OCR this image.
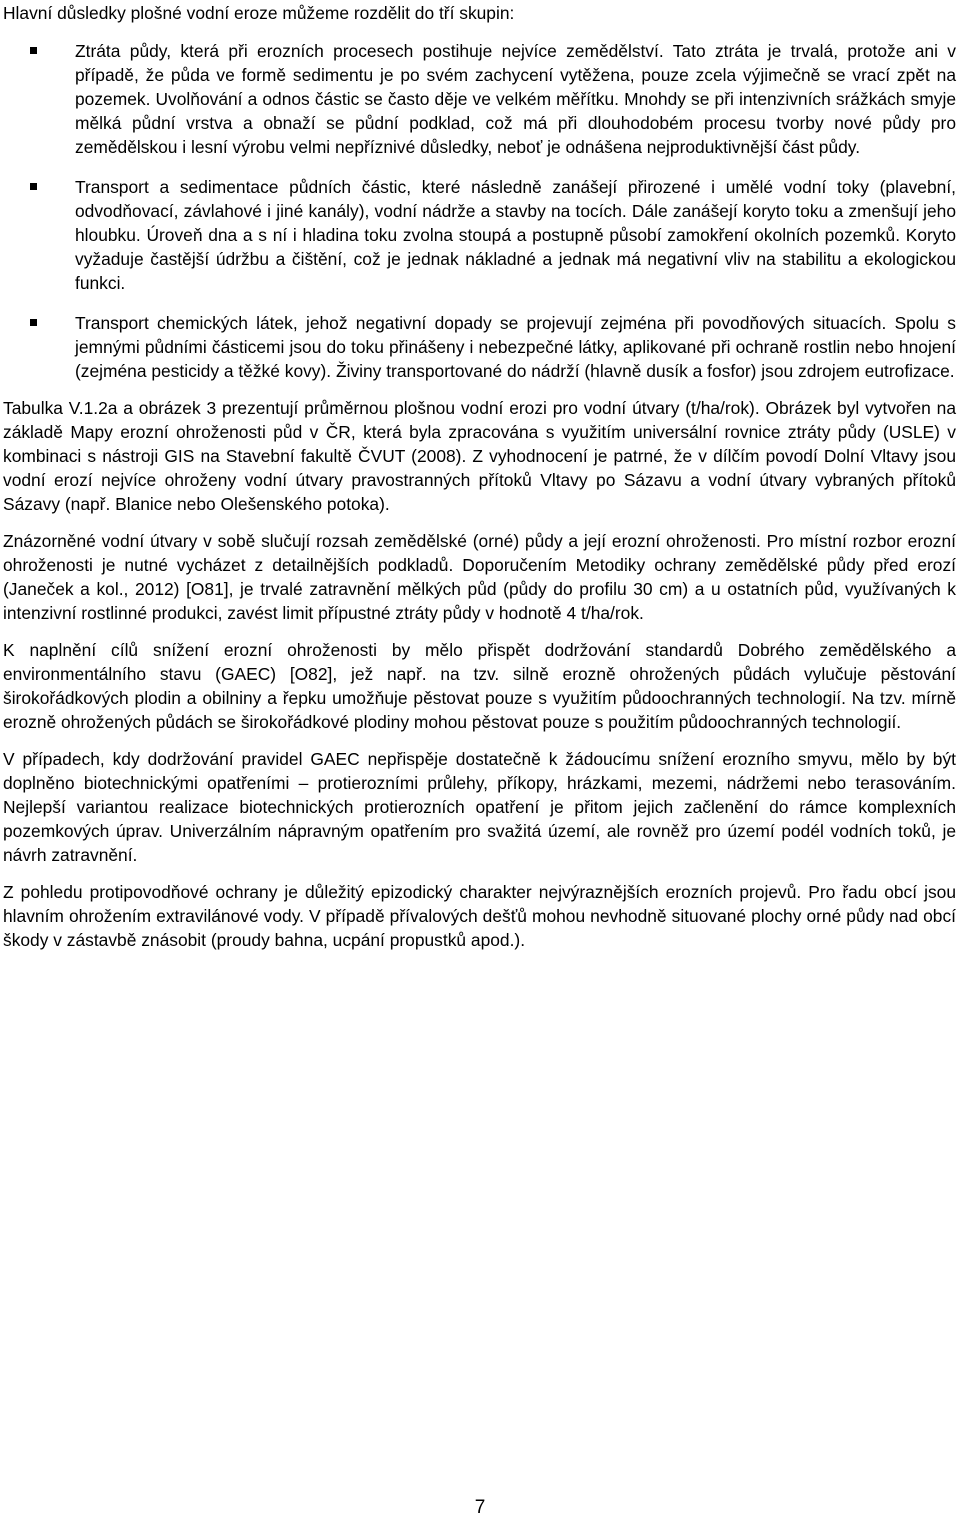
Hlavní důsledky plošné vodní eroze můžeme rozdělit do tří skupin:

Ztráta půdy, která při erozních procesech postihuje nejvíce zemědělství. Tato ztráta je trvalá, protože ani v případě, že půda ve formě sedimentu je po svém zachycení vytěžena, pouze zcela výjimečně se vrací zpět na pozemek. Uvolňování a odnos částic se často děje ve velkém měřítku. Mnohdy se při intenzivních srážkách smyje mělká půdní vrstva a obnaží se půdní podklad, což má při dlouhodobém procesu tvorby nové půdy pro zemědělskou i lesní výrobu velmi nepříznivé důsledky, neboť je odnášena nejproduktivnější část půdy.
Transport a sedimentace půdních částic, které následně zanášejí přirozené i umělé vodní toky (plavební, odvodňovací, závlahové i jiné kanály), vodní nádrže a stavby na tocích. Dále zanášejí koryto toku a zmenšují jeho hloubku. Úroveň dna a s ní i hladina toku zvolna stoupá a postupně působí zamokření okolních pozemků. Koryto vyžaduje častější údržbu a čištění, což je jednak nákladné a jednak má negativní vliv na stabilitu a ekologickou funkci.
Transport chemických látek, jehož negativní dopady se projevují zejména při povodňových situacích. Spolu s jemnými půdními částicemi jsou do toku přinášeny i nebezpečné látky, aplikované při ochraně rostlin nebo hnojení (zejména pesticidy a těžké kovy). Živiny transportované do nádrží (hlavně dusík a fosfor) jsou zdrojem eutrofizace.

Tabulka V.1.2a a obrázek 3 prezentují průměrnou plošnou vodní erozi pro vodní útvary (t/ha/rok). Obrázek byl vytvořen na základě Mapy erozní ohroženosti půd v ČR, která byla zpracována s využitím universální rovnice ztráty půdy (USLE) v kombinaci s nástroji GIS na Stavební fakultě ČVUT (2008). Z vyhodnocení je patrné, že v dílčím povodí Dolní Vltavy jsou vodní erozí nejvíce ohroženy vodní útvary pravostranných přítoků Vltavy po Sázavu a vodní útvary vybraných přítoků Sázavy (např. Blanice nebo Olešenského potoka).

Znázorněné vodní útvary v sobě slučují rozsah zemědělské (orné) půdy a její erozní ohroženosti. Pro místní rozbor erozní ohroženosti je nutné vycházet z detailnějších podkladů. Doporučením Metodiky ochrany zemědělské půdy před erozí (Janeček a kol., 2012) [O81], je trvalé zatravnění mělkých půd (půdy do profilu 30 cm) a u ostatních půd, využívaných k intenzivní rostlinné produkci, zavést limit přípustné ztráty půdy v hodnotě 4 t/ha/rok.

K naplnění cílů snížení erozní ohroženosti by mělo přispět dodržování standardů Dobrého zemědělského a environmentálního stavu (GAEC) [O82], jež např. na tzv. silně erozně ohrožených půdách vylučuje pěstování širokořádkových plodin a obilniny a řepku umožňuje pěstovat pouze s využitím půdoochranných technologií. Na tzv. mírně erozně ohrožených půdách se širokořádkové plodiny mohou pěstovat pouze s použitím půdoochranných technologií.

V případech, kdy dodržování pravidel GAEC nepřispěje dostatečně k žádoucímu snížení erozního smyvu, mělo by být doplněno biotechnickými opatřeními – protierozními průlehy, příkopy, hrázkami, mezemi, nádržemi nebo terasováním. Nejlepší variantou realizace biotechnických protierozních opatření je přitom jejich začlenění do rámce komplexních pozemkových úprav. Univerzálním nápravným opatřením pro svažitá území, ale rovněž pro území podél vodních toků, je návrh zatravnění.

Z pohledu protipovodňové ochrany je důležitý epizodický charakter nejvýraznějších erozních projevů. Pro řadu obcí jsou hlavním ohrožením extravilánové vody. V případě přívalových dešťů mohou nevhodně situované plochy orné půdy nad obcí škody v zástavbě znásobit (proudy bahna, ucpání propustků apod.).

7
